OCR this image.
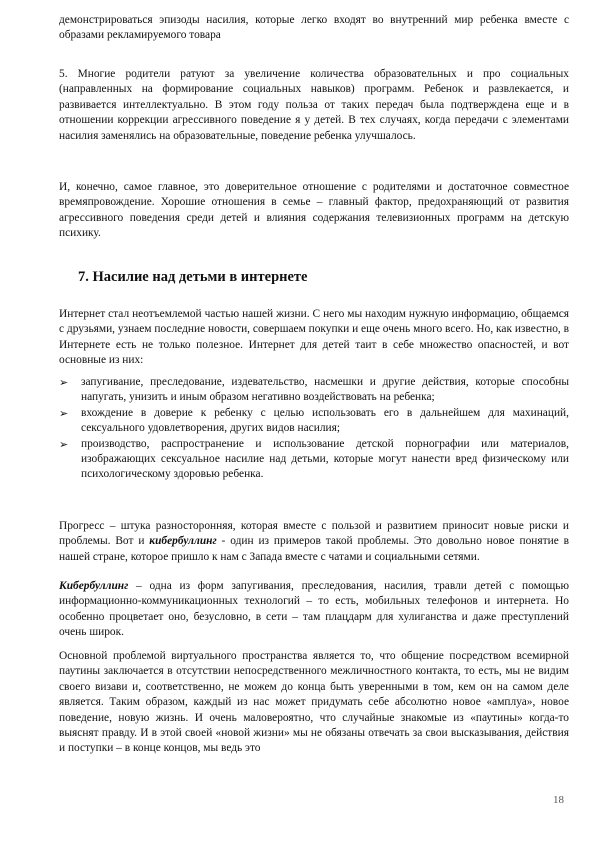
демонстрироваться эпизоды насилия, которые легко входят во внутренний мир ребенка вместе с образами рекламируемого товара
5. Многие родители ратуют за увеличение количества образовательных и про социальных (направленных на формирование социальных навыков) программ. Ребенок и развлекается, и развивается интеллектуально. В этом году польза от таких передач была подтверждена еще и в отношении коррекции агрессивного поведение я у детей. В тех случаях, когда передачи с элементами насилия заменялись на образовательные, поведение ребенка улучшалось.
И, конечно, самое главное, это доверительное отношение с родителями и достаточное совместное времяпровождение. Хорошие отношения в семье – главный фактор, предохраняющий от развития агрессивного поведения среди детей и влияния содержания телевизионных программ на детскую психику.
7. Насилие над детьми в интернете
Интернет стал неотъемлемой частью нашей жизни. С него мы находим нужную информацию, общаемся с друзьями, узнаем последние новости, совершаем покупки и еще очень много всего. Но, как известно, в Интернете есть не только полезное. Интернет для детей таит в себе множество опасностей, и вот основные из них:
➢ запугивание, преследование, издевательство, насмешки и другие действия, которые способны напугать, унизить и иным образом негативно воздействовать на ребенка;
➢ вхождение в доверие к ребенку с целью использовать его в дальнейшем для махинаций, сексуального удовлетворения, других видов насилия;
➢ производство, распространение и использование детской порнографии или материалов, изображающих сексуальное насилие над детьми, которые могут нанести вред физическому или психологическому здоровью ребенка.
Прогресс – штука разносторонняя, которая вместе с пользой и развитием приносит новые риски и проблемы. Вот и кибербуллинг - один из примеров такой проблемы. Это довольно новое понятие в нашей стране, которое пришло к нам с Запада вместе с чатами и социальными сетями.
Кибербуллинг – одна из форм запугивания, преследования, насилия, травли детей с помощью информационно-коммуникационных технологий – то есть, мобильных телефонов и интернета. Но особенно процветает оно, безусловно, в сети – там плацдарм для хулиганства и даже преступлений очень широк.
Основной проблемой виртуального пространства является то, что общение посредством всемирной паутины заключается в отсутствии непосредственного межличностного контакта, то есть, мы не видим своего визави и, соответственно, не можем до конца быть уверенными в том, кем он на самом деле является. Таким образом, каждый из нас может придумать себе абсолютно новое «амплуа», новое поведение, новую жизнь. И очень маловероятно, что случайные знакомые из «паутины» когда-то выяснят правду. И в этой своей «новой жизни» мы не обязаны отвечать за свои высказывания, действия и поступки – в конце концов, мы ведь это
18
